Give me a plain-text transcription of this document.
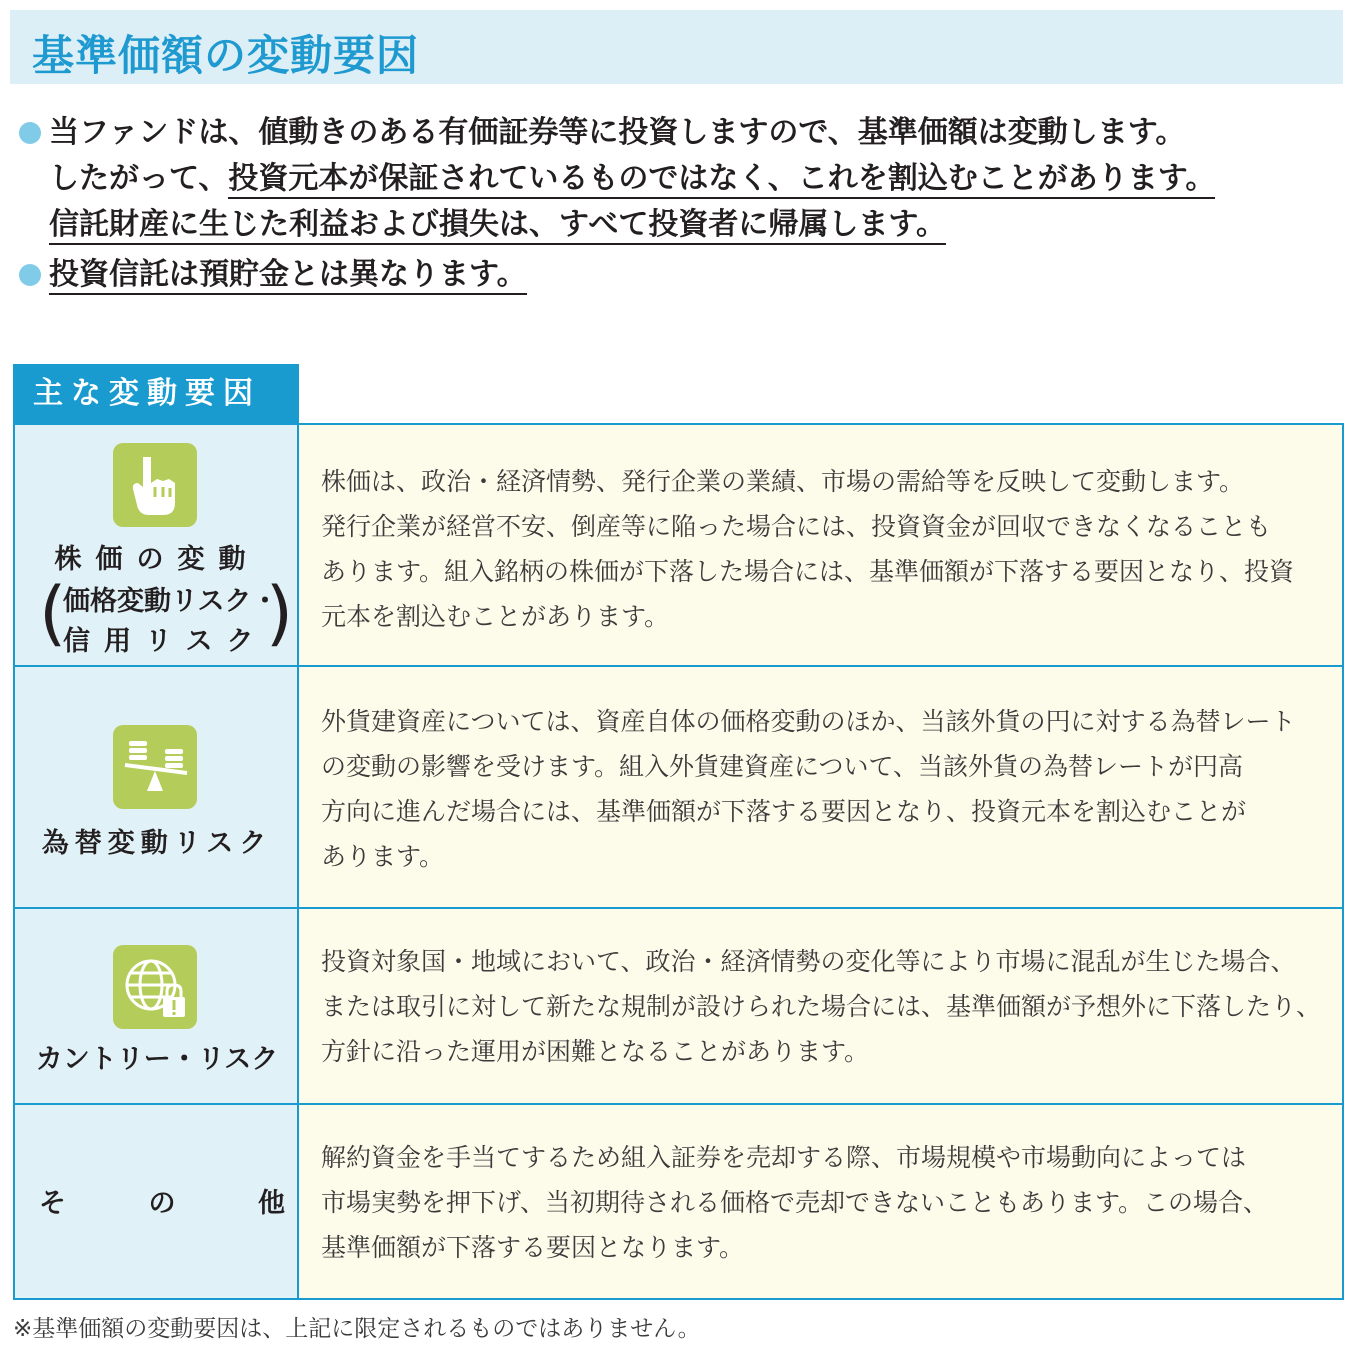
基準価額の変動要因
当ファンドは、値動きのある有価証券等に投資しますので、基準価額は変動します。
したがって、投資元本が保証されているものではなく、これを割込むことがあります。
信託財産に生じた利益および損失は、すべて投資者に帰属します。
投資信託は預貯金とは異なります。
主な変動要因
株価の変動
(
価格変動リスク・
信用リスク
)
株価は、政治・経済情勢、発行企業の業績、市場の需給等を反映して変動します。
発行企業が経営不安、倒産等に陥った場合には、投資資金が回収できなくなることも
あります。組入銘柄の株価が下落した場合には、基準価額が下落する要因となり、投資
元本を割込むことがあります。
為替変動リスク
外貨建資産については、資産自体の価格変動のほか、当該外貨の円に対する為替レート
の変動の影響を受けます。組入外貨建資産について、当該外貨の為替レートが円高
方向に進んだ場合には、基準価額が下落する要因となり、投資元本を割込むことが
あります。
カントリー・リスク
投資対象国・地域において、政治・経済情勢の変化等により市場に混乱が生じた場合、
または取引に対して新たな規制が設けられた場合には、基準価額が予想外に下落したり、
方針に沿った運用が困難となることがあります。
そ	の	他
解約資金を手当てするため組入証券を売却する際、市場規模や市場動向によっては
市場実勢を押下げ、当初期待される価格で売却できないこともあります。この場合、
基準価額が下落する要因となります。
※基準価額の変動要因は、上記に限定されるものではありません。
